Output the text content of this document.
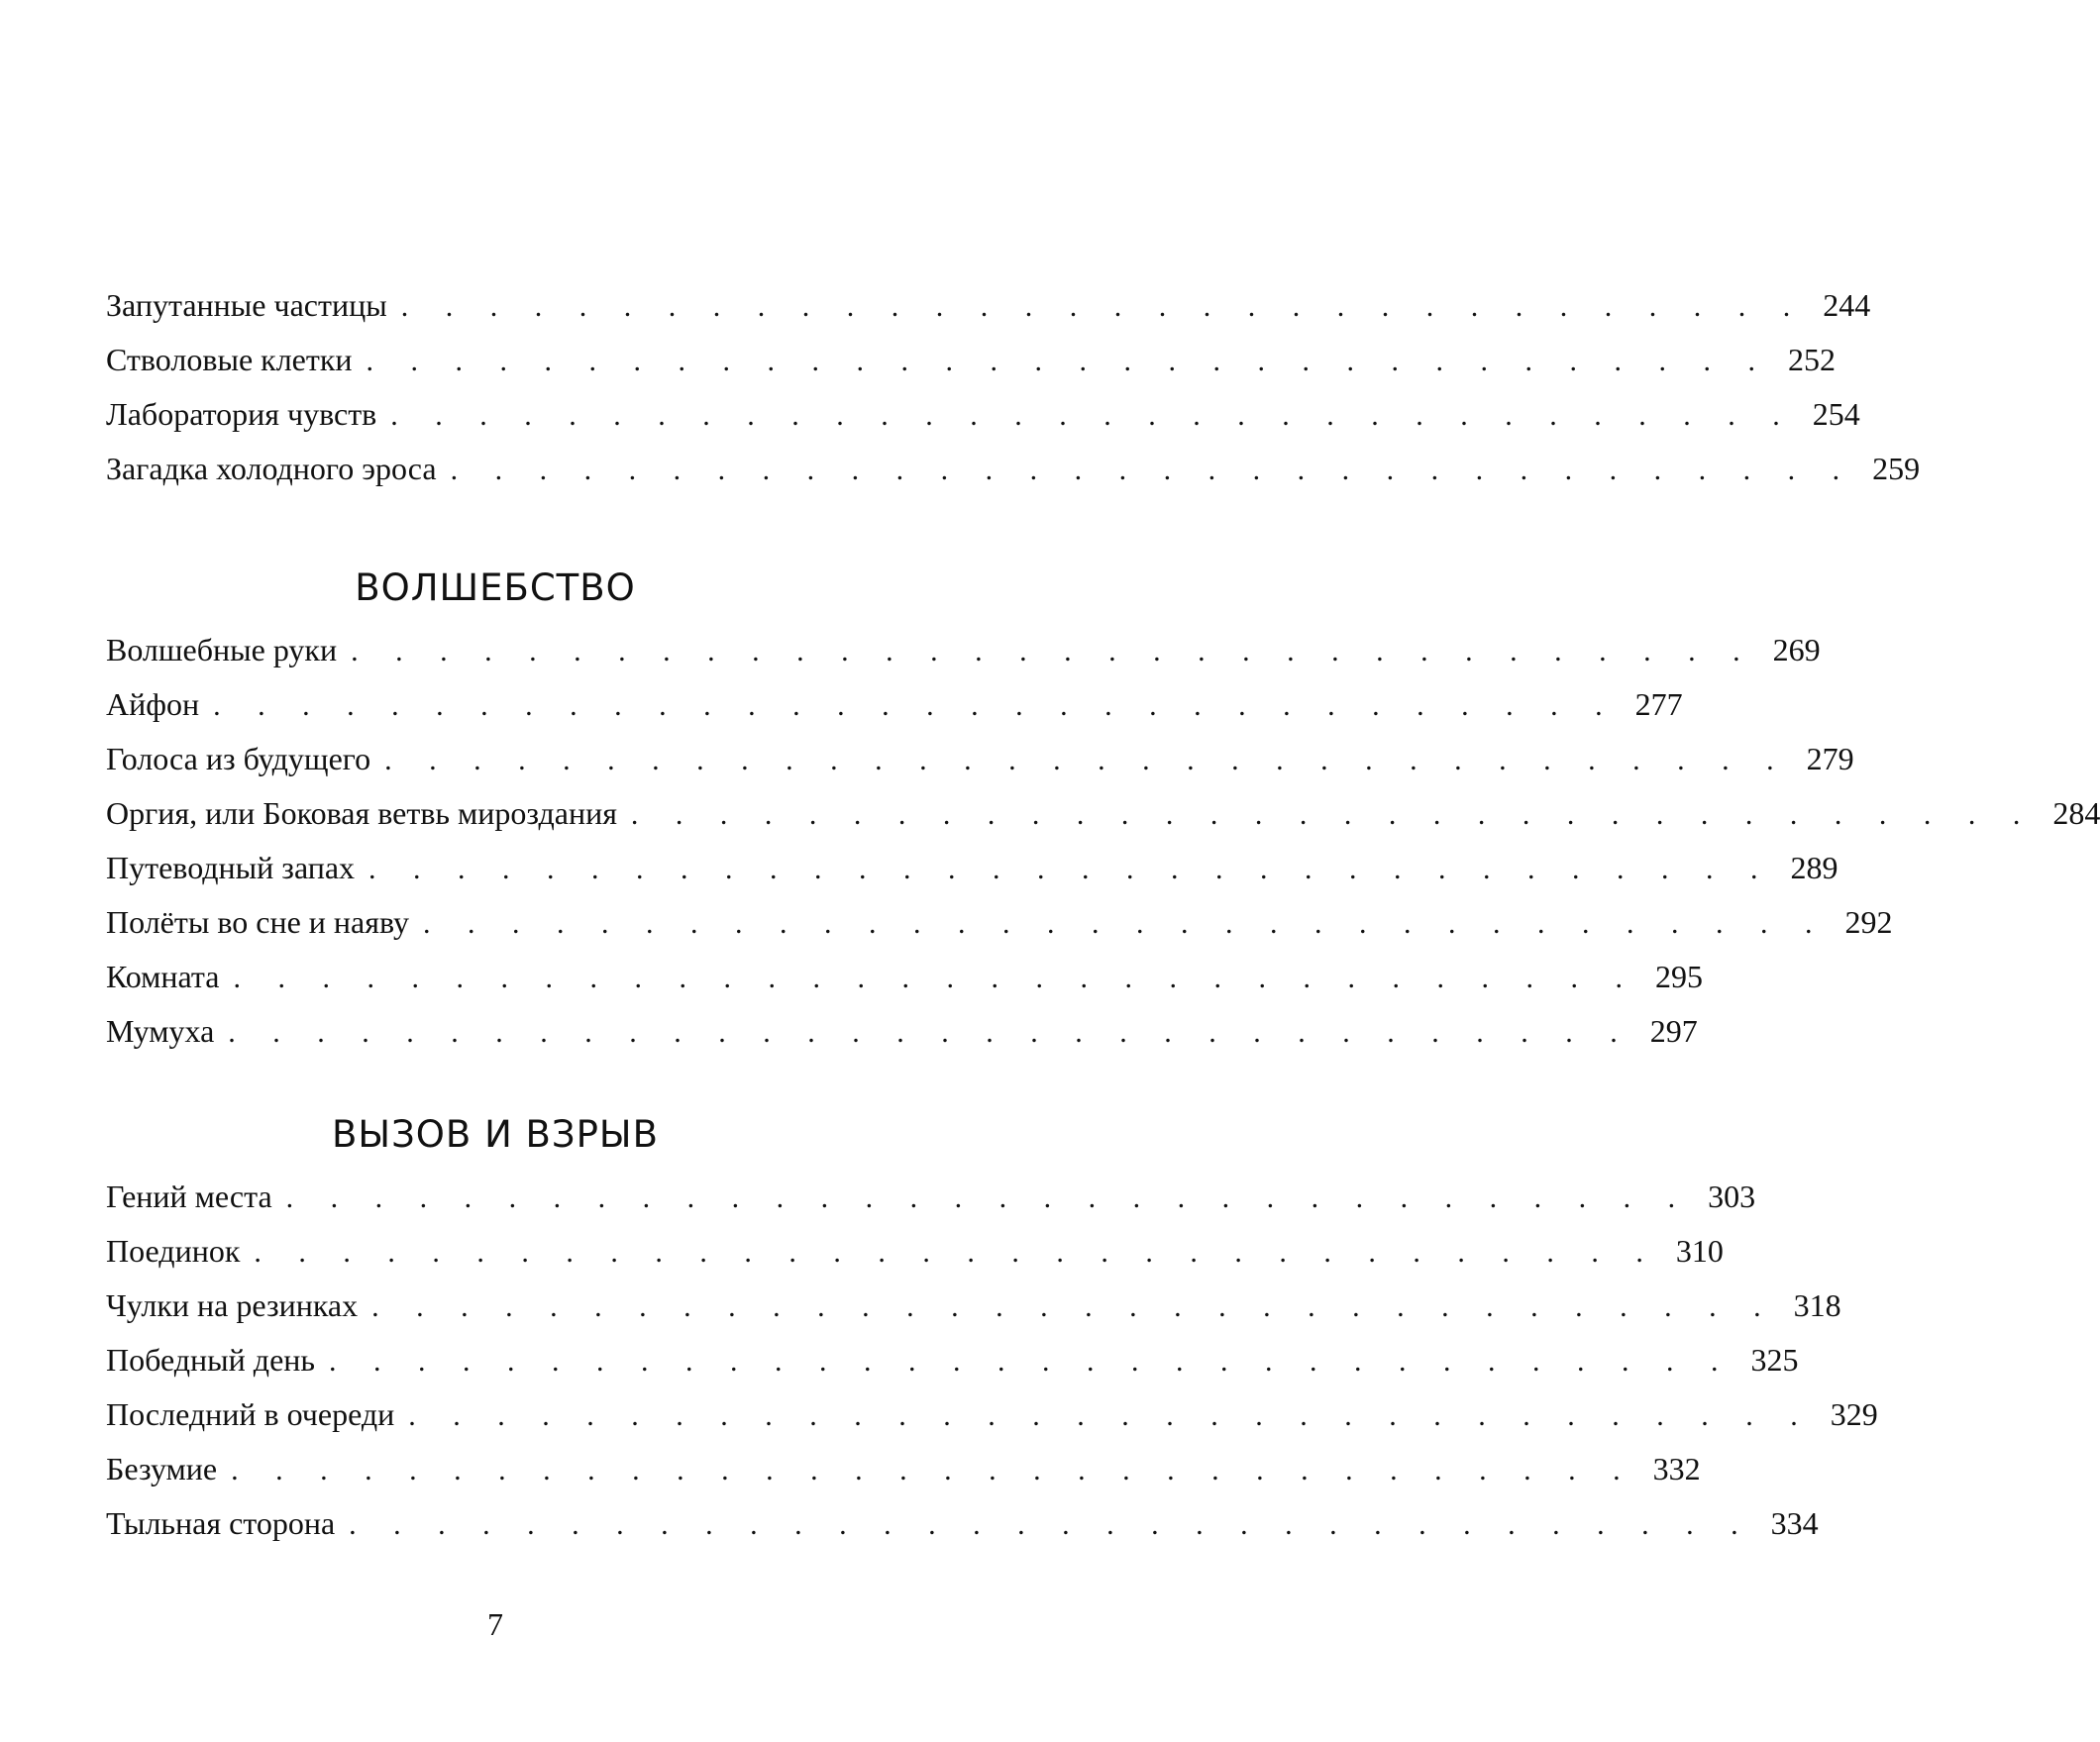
Запутанные частицы . . . . . . . . . . . . . . . . . . . . . . . . . . . . . . . . 244
Стволовые клетки . . . . . . . . . . . . . . . . . . . . . . . . . . . . . . . . 252
Лаборатория чувств . . . . . . . . . . . . . . . . . . . . . . . . . . . . . . . . 254
Загадка холодного эроса . . . . . . . . . . . . . . . . . . . . . . . . . . . . . . . . 259
ВОЛШЕБСТВО
Волшебные руки . . . . . . . . . . . . . . . . . . . . . . . . . . . . . . . . 269
Айфон . . . . . . . . . . . . . . . . . . . . . . . . . . . . . . . . 277
Голоса из будущего . . . . . . . . . . . . . . . . . . . . . . . . . . . . . . . . 279
Оргия, или Боковая ветвь мироздания . . . . . . . . . . . . . . . . . . . . . . . . . . . . . . . . 284
Путеводный запах . . . . . . . . . . . . . . . . . . . . . . . . . . . . . . . . 289
Полёты во сне и наяву . . . . . . . . . . . . . . . . . . . . . . . . . . . . . . . . 292
Комната . . . . . . . . . . . . . . . . . . . . . . . . . . . . . . . . 295
Мумуха . . . . . . . . . . . . . . . . . . . . . . . . . . . . . . . . 297
ВЫЗОВ И ВЗРЫВ
Гений места . . . . . . . . . . . . . . . . . . . . . . . . . . . . . . . . 303
Поединок . . . . . . . . . . . . . . . . . . . . . . . . . . . . . . . . 310
Чулки на резинках . . . . . . . . . . . . . . . . . . . . . . . . . . . . . . . . 318
Победный день . . . . . . . . . . . . . . . . . . . . . . . . . . . . . . . . 325
Последний в очереди . . . . . . . . . . . . . . . . . . . . . . . . . . . . . . . . 329
Безумие . . . . . . . . . . . . . . . . . . . . . . . . . . . . . . . . 332
Тыльная сторона . . . . . . . . . . . . . . . . . . . . . . . . . . . . . . . . 334
7
